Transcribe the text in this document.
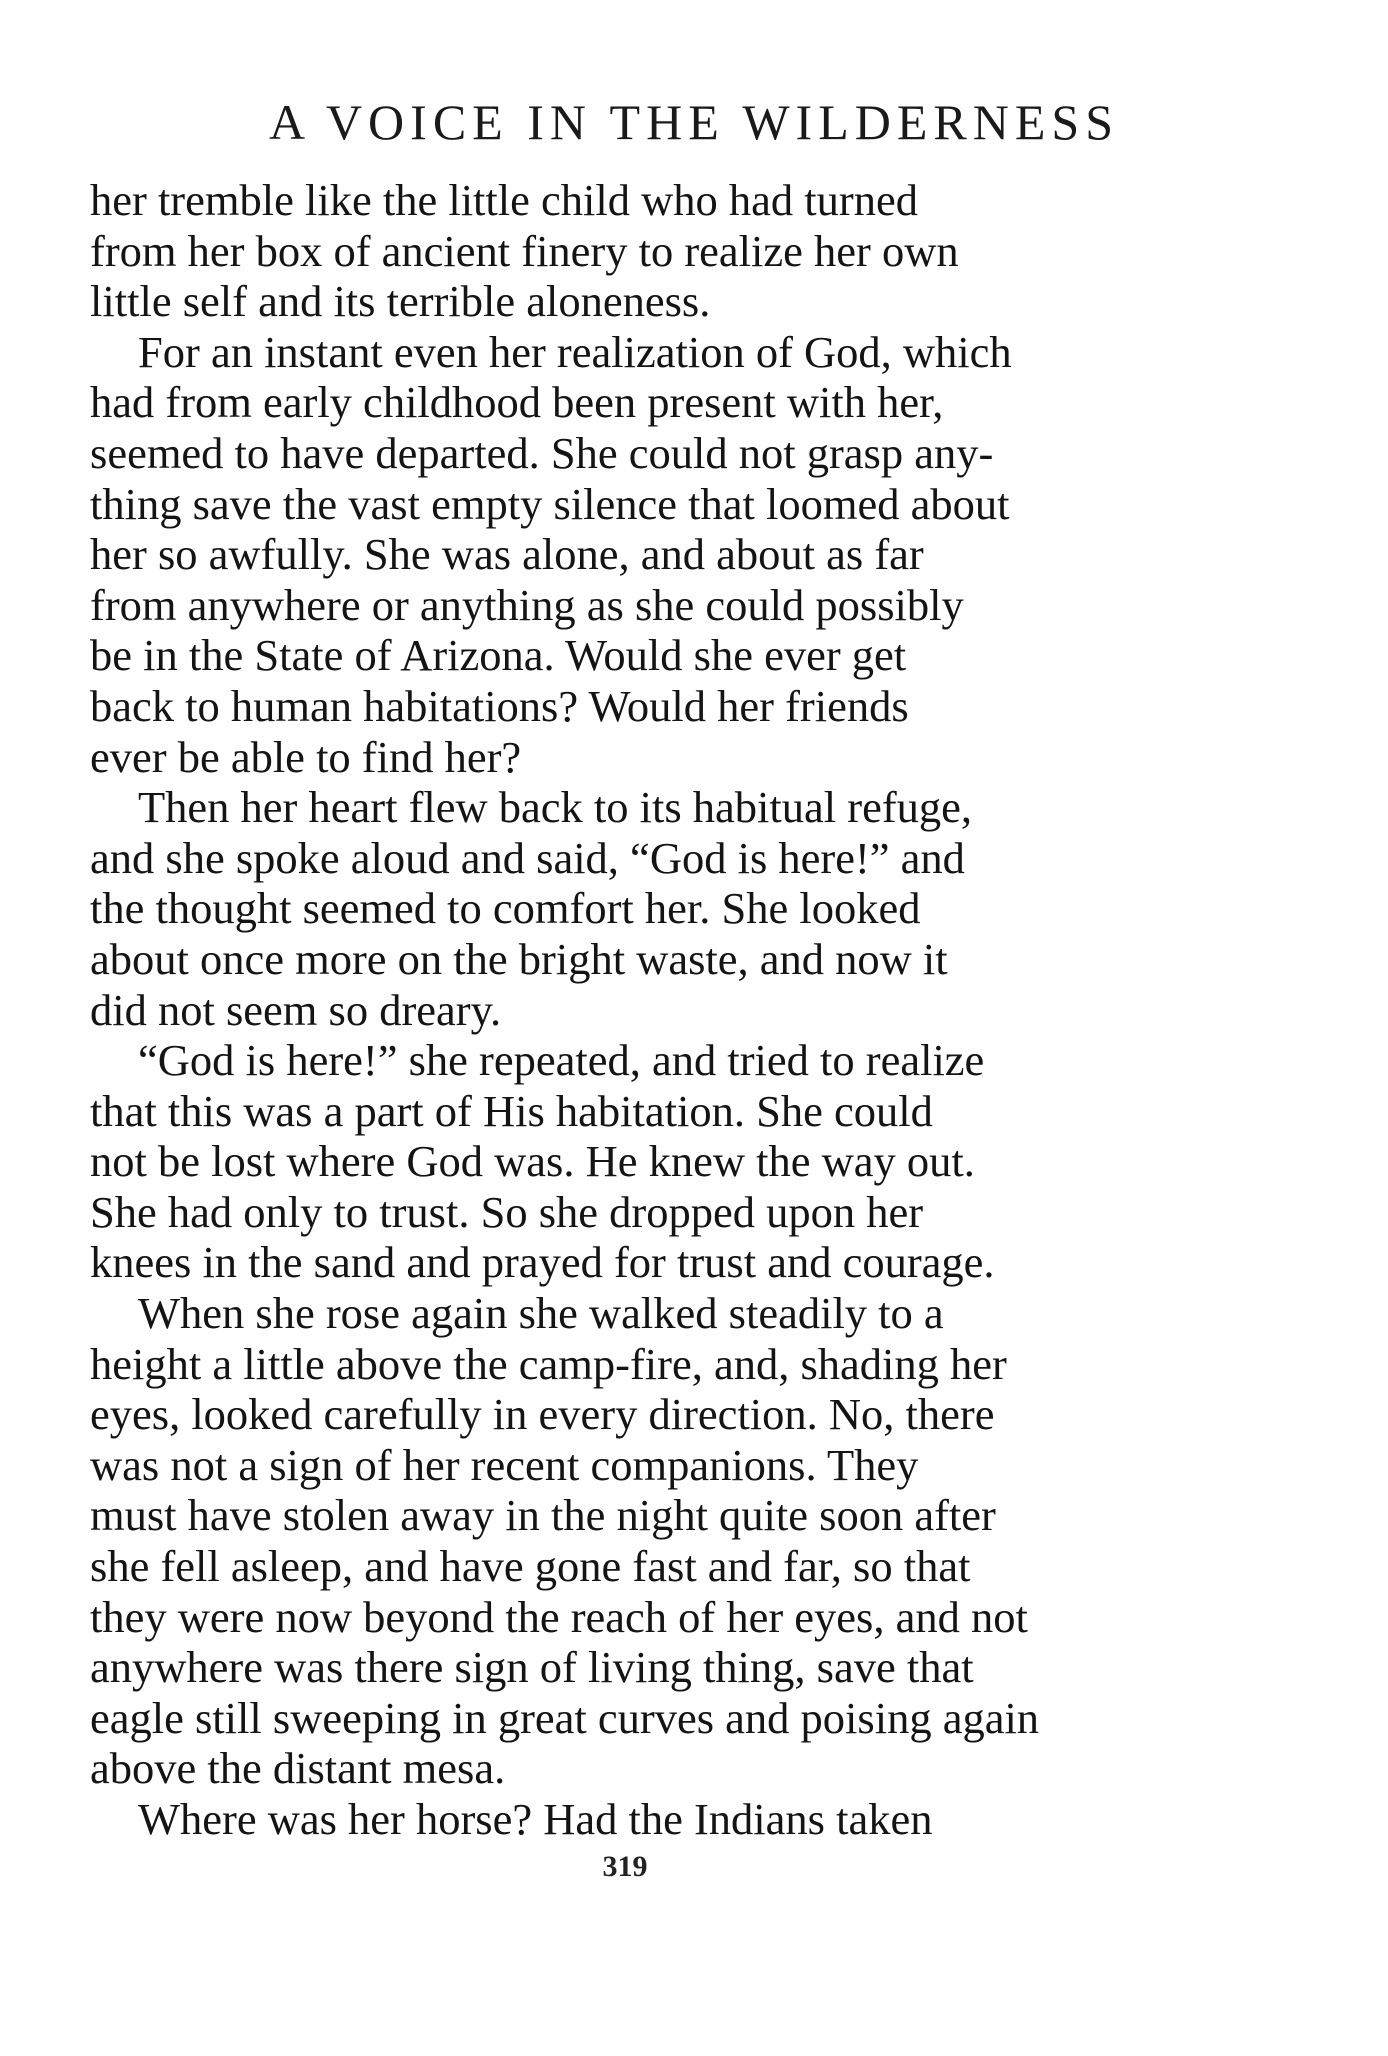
A VOICE IN THE WILDERNESS
her tremble like the little child who had turned
from her box of ancient finery to realize her own
little self and its terrible aloneness.
For an instant even her realization of God, which
had from early childhood been present with her,
seemed to have departed. She could not grasp any-
thing save the vast empty silence that loomed about
her so awfully. She was alone, and about as far
from anywhere or anything as she could possibly
be in the State of Arizona. Would she ever get
back to human habitations? Would her friends
ever be able to find her?
Then her heart flew back to its habitual refuge,
and she spoke aloud and said, “God is here!” and
the thought seemed to comfort her. She looked
about once more on the bright waste, and now it
did not seem so dreary.
“God is here!” she repeated, and tried to realize
that this was a part of His habitation. She could
not be lost where God was. He knew the way out.
She had only to trust. So she dropped upon her
knees in the sand and prayed for trust and courage.
When she rose again she walked steadily to a
height a little above the camp-fire, and, shading her
eyes, looked carefully in every direction. No, there
was not a sign of her recent companions. They
must have stolen away in the night quite soon after
she fell asleep, and have gone fast and far, so that
they were now beyond the reach of her eyes, and not
anywhere was there sign of living thing, save that
eagle still sweeping in great curves and poising again
above the distant mesa.
Where was her horse? Had the Indians taken
319
